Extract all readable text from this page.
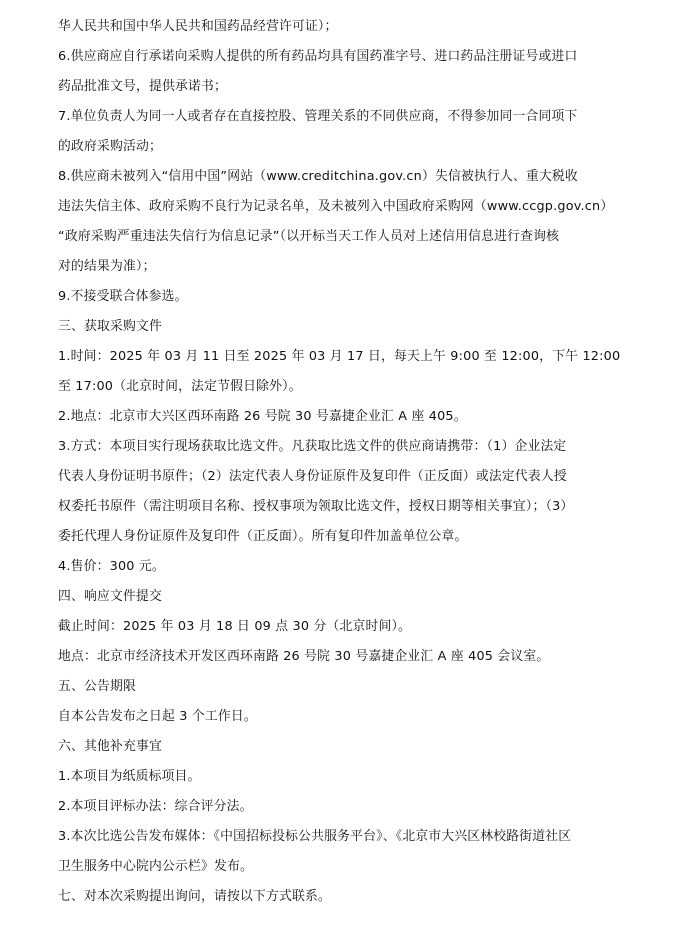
华人民共和国中华人民共和国药品经营许可证）；
6.供应商应自行承诺向采购人提供的所有药品均具有国药准字号、进口药品注册证号或进口
药品批准文号，提供承诺书；
7.单位负责人为同一人或者存在直接控股、管理关系的不同供应商，不得参加同一合同项下
的政府采购活动；
8.供应商未被列入“信用中国”网站（www.creditchina.gov.cn）失信被执行人、重大税收
违法失信主体、政府采购不良行为记录名单，及未被列入中国政府采购网（www.ccgp.gov.cn）
“政府采购严重违法失信行为信息记录”（以开标当天工作人员对上述信用信息进行查询核
对的结果为准）；
9.不接受联合体参选。
三、获取采购文件
1.时间：2025 年 03 月 11 日至 2025 年 03 月 17 日，每天上午 9:00 至 12:00，下午 12:00
至 17:00（北京时间，法定节假日除外）。
2.地点：北京市大兴区西环南路 26 号院 30 号嘉捷企业汇 A 座 405。
3.方式：本项目实行现场获取比选文件。凡获取比选文件的供应商请携带：（1）企业法定
代表人身份证明书原件；（2）法定代表人身份证原件及复印件（正反面）或法定代表人授
权委托书原件（需注明项目名称、授权事项为领取比选文件，授权日期等相关事宜）；（3）
委托代理人身份证原件及复印件（正反面）。所有复印件加盖单位公章。
4.售价：300 元。
四、响应文件提交
截止时间：2025 年 03 月 18 日 09 点 30 分（北京时间）。
地点：北京市经济技术开发区西环南路 26 号院 30 号嘉捷企业汇 A 座 405 会议室。
五、公告期限
自本公告发布之日起 3 个工作日。
六、其他补充事宜
1.本项目为纸质标项目。
2.本项目评标办法：综合评分法。
3.本次比选公告发布媒体：《中国招标投标公共服务平台》、《北京市大兴区林校路街道社区
卫生服务中心院内公示栏》发布。
七、对本次采购提出询问，请按以下方式联系。
